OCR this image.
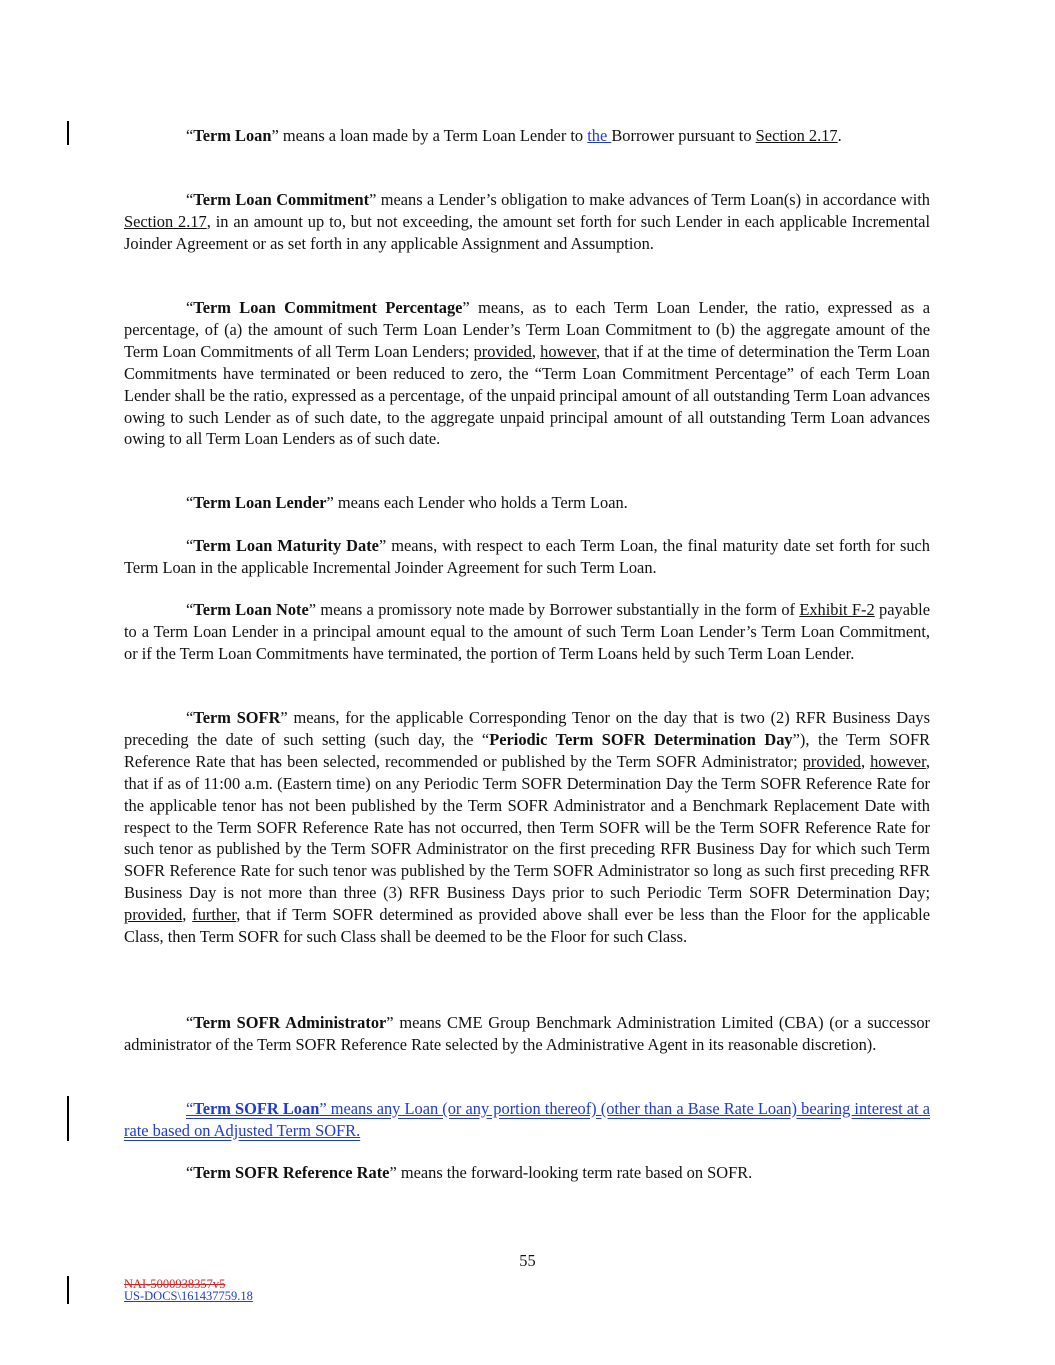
“Term Loan” means a loan made by a Term Loan Lender to the Borrower pursuant to Section 2.17.

“Term Loan Commitment” means a Lender’s obligation to make advances of Term Loan(s) in accordance with Section 2.17, in an amount up to, but not exceeding, the amount set forth for such Lender in each applicable Incremental Joinder Agreement or as set forth in any applicable Assignment and Assumption.

“Term Loan Commitment Percentage” means, as to each Term Loan Lender, the ratio, expressed as a percentage, of (a) the amount of such Term Loan Lender’s Term Loan Commitment to (b) the aggregate amount of the Term Loan Commitments of all Term Loan Lenders; provided, however, that if at the time of determination the Term Loan Commitments have terminated or been reduced to zero, the “Term Loan Commitment Percentage” of each Term Loan Lender shall be the ratio, expressed as a percentage, of the unpaid principal amount of all outstanding Term Loan advances owing to such Lender as of such date, to the aggregate unpaid principal amount of all outstanding Term Loan advances owing to all Term Loan Lenders as of such date.

“Term Loan Lender” means each Lender who holds a Term Loan.

“Term Loan Maturity Date” means, with respect to each Term Loan, the final maturity date set forth for such Term Loan in the applicable Incremental Joinder Agreement for such Term Loan.

“Term Loan Note” means a promissory note made by Borrower substantially in the form of Exhibit F-2 payable to a Term Loan Lender in a principal amount equal to the amount of such Term Loan Lender’s Term Loan Commitment, or if the Term Loan Commitments have terminated, the portion of Term Loans held by such Term Loan Lender.

“Term SOFR” means, for the applicable Corresponding Tenor on the day that is two (2) RFR Business Days preceding the date of such setting (such day, the “Periodic Term SOFR Determination Day”), the Term SOFR Reference Rate that has been selected, recommended or published by the Term SOFR Administrator; provided, however, that if as of 11:00 a.m. (Eastern time) on any Periodic Term SOFR Determination Day the Term SOFR Reference Rate for the applicable tenor has not been published by the Term SOFR Administrator and a Benchmark Replacement Date with respect to the Term SOFR Reference Rate has not occurred, then Term SOFR will be the Term SOFR Reference Rate for such tenor as published by the Term SOFR Administrator on the first preceding RFR Business Day for which such Term SOFR Reference Rate for such tenor was published by the Term SOFR Administrator so long as such first preceding RFR Business Day is not more than three (3) RFR Business Days prior to such Periodic Term SOFR Determination Day; provided, further, that if Term SOFR determined as provided above shall ever be less than the Floor for the applicable Class, then Term SOFR for such Class shall be deemed to be the Floor for such Class.

“Term SOFR Administrator” means CME Group Benchmark Administration Limited (CBA) (or a successor administrator of the Term SOFR Reference Rate selected by the Administrative Agent in its reasonable discretion).

“Term SOFR Loan” means any Loan (or any portion thereof) (other than a Base Rate Loan) bearing interest at a rate based on Adjusted Term SOFR.

“Term SOFR Reference Rate” means the forward-looking term rate based on SOFR.

55
NAI-5000938357v5
US-DOCS\161437759.18
